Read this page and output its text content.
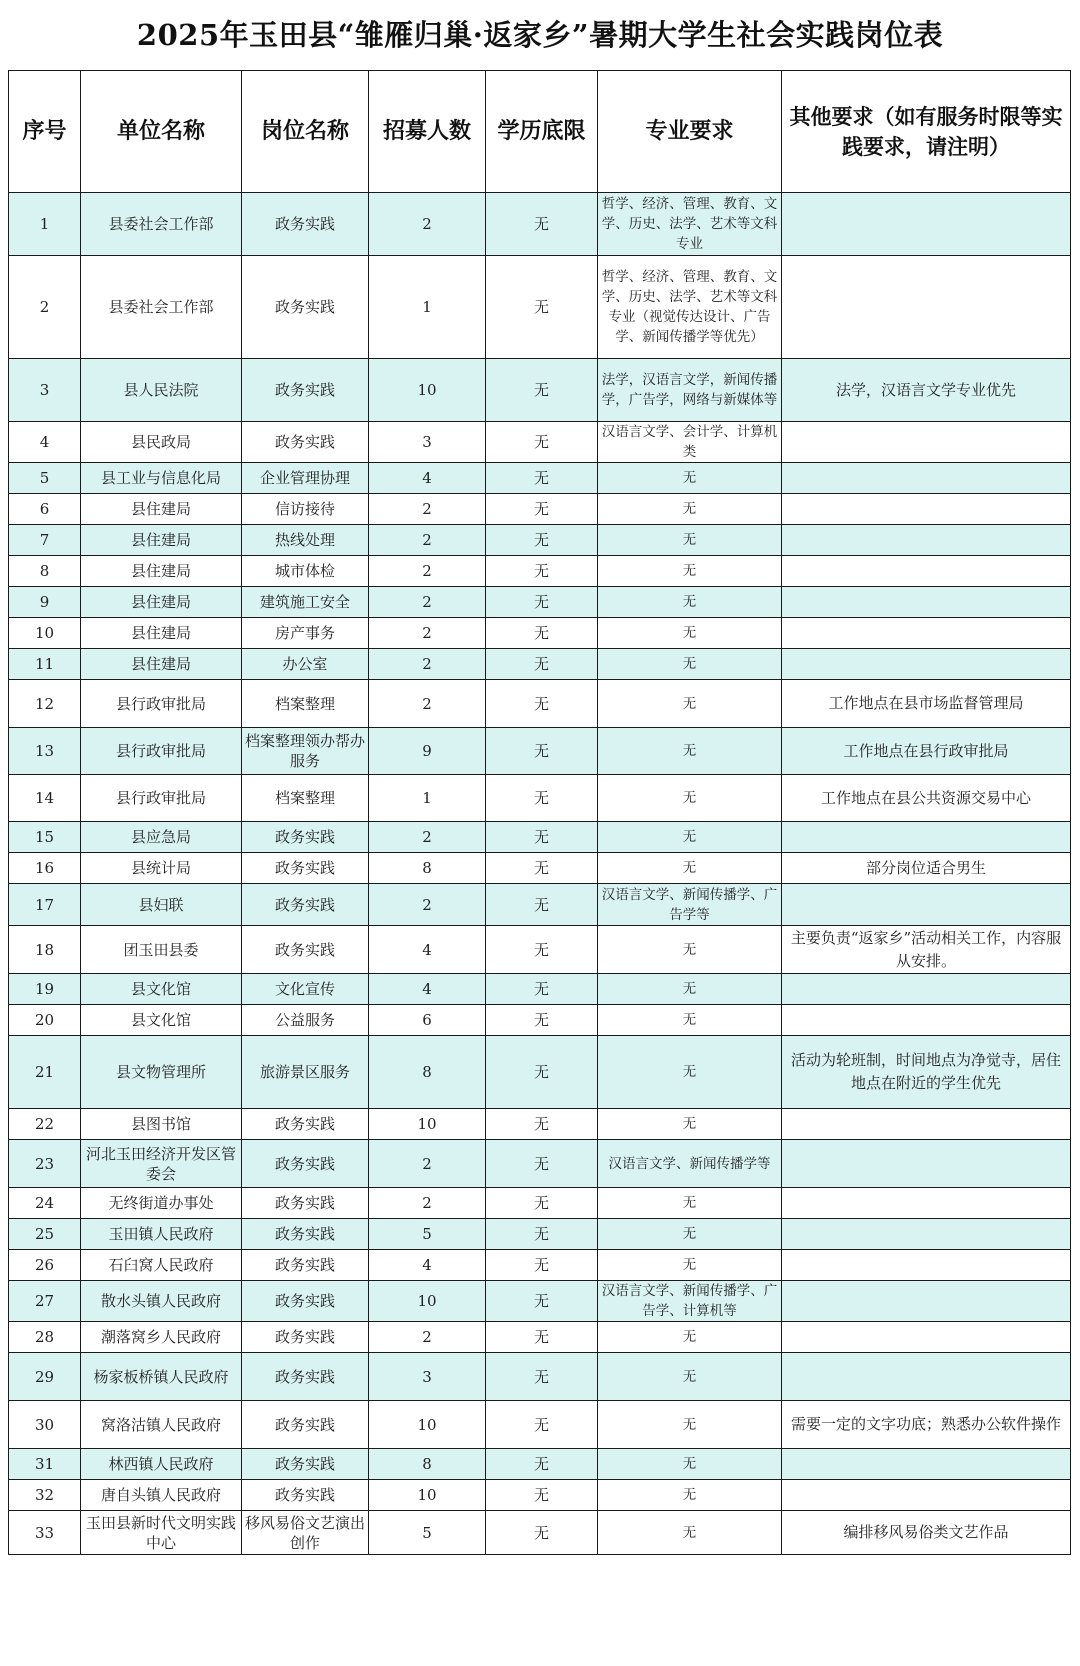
2025年玉田县“雏雁归巢·返家乡”暑期大学生社会实践岗位表
序号	单位名称	岗位名称	招募人数	学历底限	专业要求	其他要求（如有服务时限等实践要求，请注明）
1	县委社会工作部	政务实践	2	无	哲学、经济、管理、教育、文学、历史、法学、艺术等文科专业	
2	县委社会工作部	政务实践	1	无	哲学、经济、管理、教育、文学、历史、法学、艺术等文科专业（视觉传达设计、广告学、新闻传播学等优先）	
3	县人民法院	政务实践	10	无	法学，汉语言文学，新闻传播学，广告学，网络与新媒体等	法学，汉语言文学专业优先
4	县民政局	政务实践	3	无	汉语言文学、会计学、计算机类	
5	县工业与信息化局	企业管理协理	4	无	无	
6	县住建局	信访接待	2	无	无	
7	县住建局	热线处理	2	无	无	
8	县住建局	城市体检	2	无	无	
9	县住建局	建筑施工安全	2	无	无	
10	县住建局	房产事务	2	无	无	
11	县住建局	办公室	2	无	无	
12	县行政审批局	档案整理	2	无	无	工作地点在县市场监督管理局
13	县行政审批局	档案整理领办帮办服务	9	无	无	工作地点在县行政审批局
14	县行政审批局	档案整理	1	无	无	工作地点在县公共资源交易中心
15	县应急局	政务实践	2	无	无	
16	县统计局	政务实践	8	无	无	部分岗位适合男生
17	县妇联	政务实践	2	无	汉语言文学、新闻传播学、广告学等	
18	团玉田县委	政务实践	4	无	无	主要负责“返家乡”活动相关工作，内容服从安排。
19	县文化馆	文化宣传	4	无	无	
20	县文化馆	公益服务	6	无	无	
21	县文物管理所	旅游景区服务	8	无	无	活动为轮班制，时间地点为净觉寺，居住地点在附近的学生优先
22	县图书馆	政务实践	10	无	无	
23	河北玉田经济开发区管委会	政务实践	2	无	汉语言文学、新闻传播学等	
24	无终街道办事处	政务实践	2	无	无	
25	玉田镇人民政府	政务实践	5	无	无	
26	石臼窝人民政府	政务实践	4	无	无	
27	散水头镇人民政府	政务实践	10	无	汉语言文学、新闻传播学、广告学、计算机等	
28	潮落窝乡人民政府	政务实践	2	无	无	
29	杨家板桥镇人民政府	政务实践	3	无	无	
30	窝洛沽镇人民政府	政务实践	10	无	无	需要一定的文字功底；熟悉办公软件操作
31	林西镇人民政府	政务实践	8	无	无	
32	唐自头镇人民政府	政务实践	10	无	无	
33	玉田县新时代文明实践中心	移风易俗文艺演出创作	5	无	无	编排移风易俗类文艺作品
